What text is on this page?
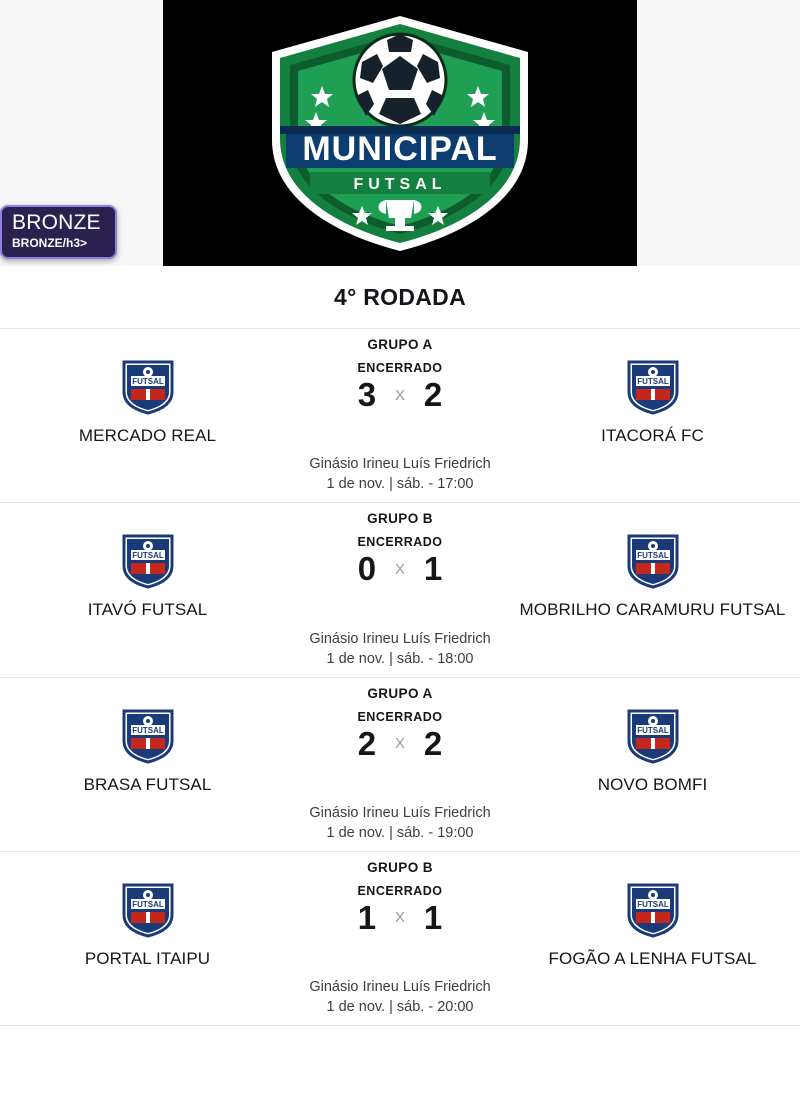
MUNICIPAL
FUTSAL
BRONZE
BRONZE/h3>
4° RODADA
GRUPO A
FUTSAL
MERCADO REAL
ENCERRADO
3 X 2	FUTSAL
ITACORÁ FC
Ginásio Irineu Luís Friedrich
1 de nov. | sáb. - 17:00
GRUPO B
FUTSAL
ITAVÓ FUTSAL
ENCERRADO
0 X 1	FUTSAL
MOBRILHO CARAMURU FUTSAL
Ginásio Irineu Luís Friedrich
1 de nov. | sáb. - 18:00
GRUPO A
FUTSAL
BRASA FUTSAL
ENCERRADO
2 X 2	FUTSAL
NOVO BOMFI
Ginásio Irineu Luís Friedrich
1 de nov. | sáb. - 19:00
GRUPO B
FUTSAL
PORTAL ITAIPU
ENCERRADO
1 X 1	FUTSAL
FOGÃO A LENHA FUTSAL
Ginásio Irineu Luís Friedrich
1 de nov. | sáb. - 20:00
